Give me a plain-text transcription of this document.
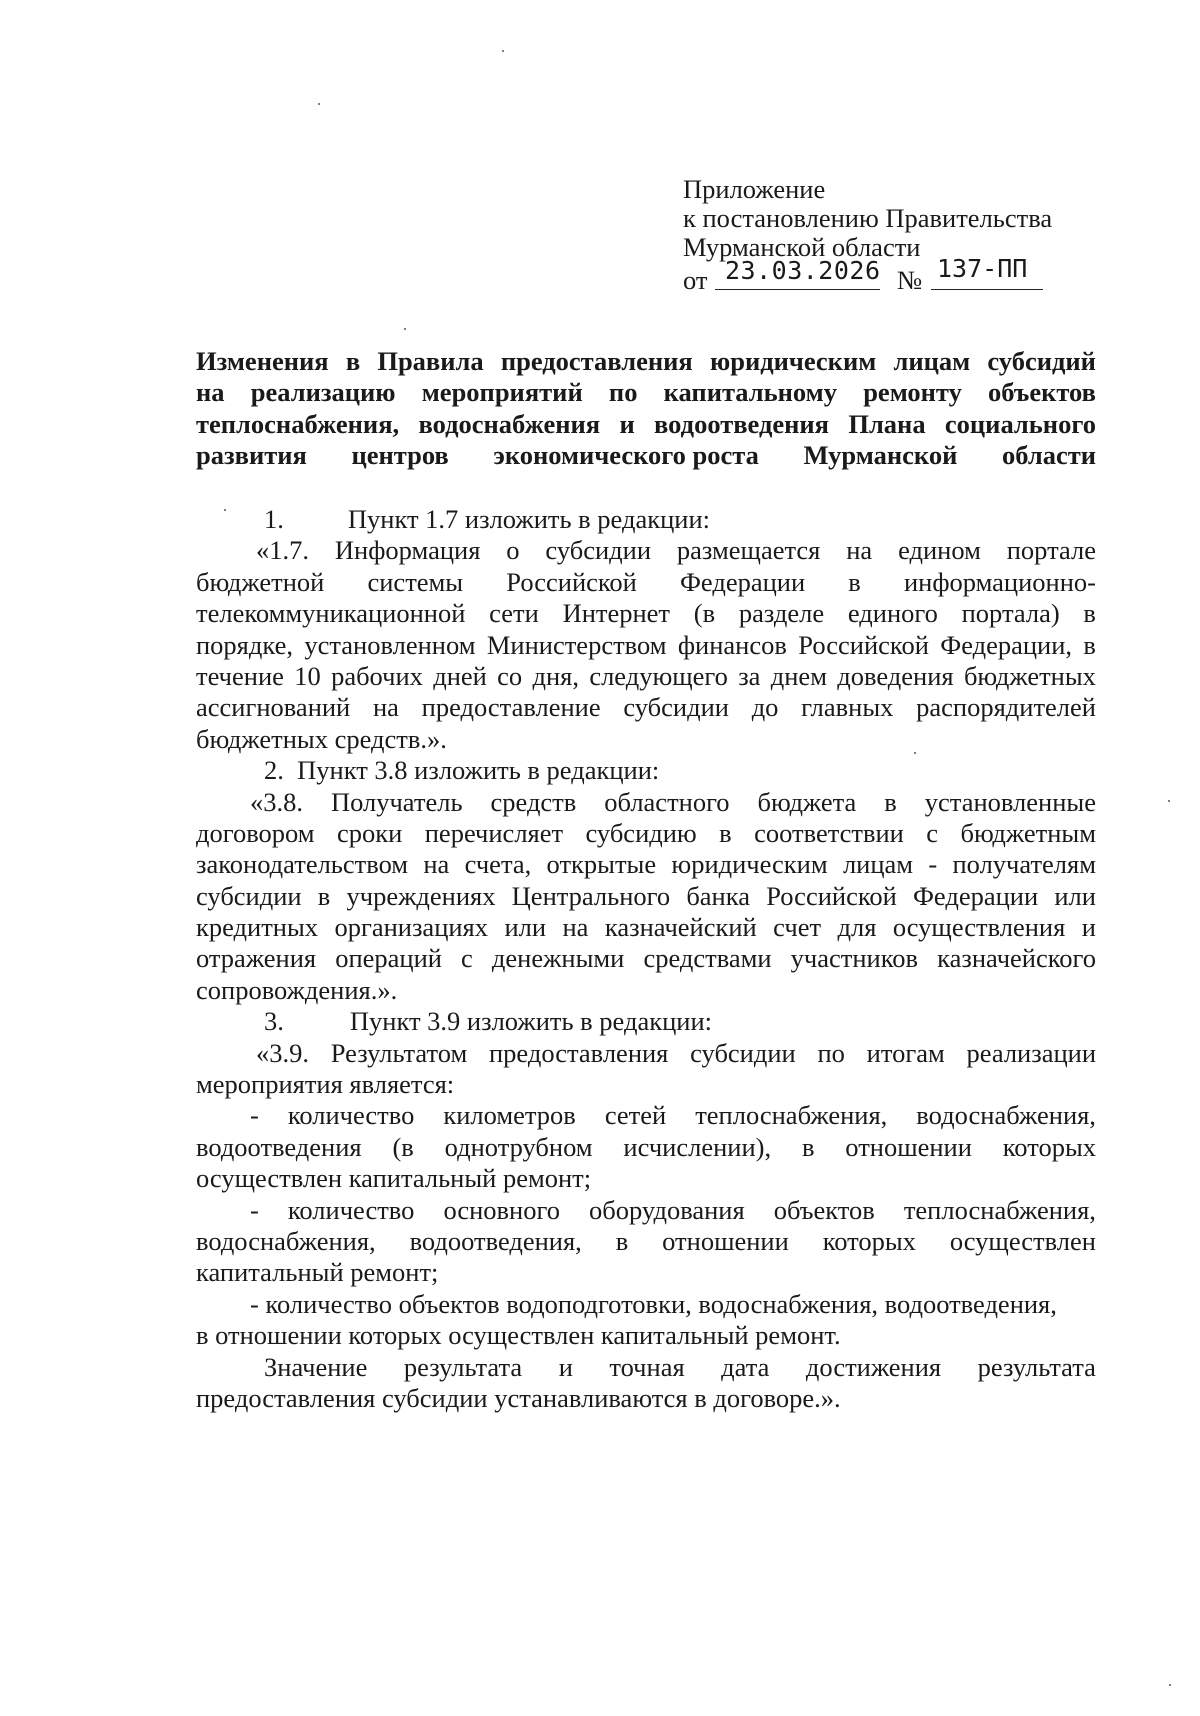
Приложение
к постановлению Правительства
Мурманской области
от 23.03.2026 № 137-ПП
Изменения в Правила предоставления юридическим лицам субсидий
на реализацию мероприятий по капитальному ремонту объектов
теплоснабжения, водоснабжения и водоотведения Плана социального
развития центров экономического роста Мурманской области
1. Пункт 1.7 изложить в редакции:
«1.7. Информация о субсидии размещается на едином портале
бюджетной системы Российской Федерации в информационно-
телекоммуникационной сети Интернет (в разделе единого портала) в
порядке, установленном Министерством финансов Российской Федерации, в
течение 10 рабочих дней со дня, следующего за днем доведения бюджетных
ассигнований на предоставление субсидии до главных распорядителей
бюджетных средств.».
2.  Пункт 3.8 изложить в редакции:
«3.8. Получатель средств областного бюджета в установленные
договором сроки перечисляет субсидию в соответствии с бюджетным
законодательством на счета, открытые юридическим лицам - получателям
субсидии в учреждениях Центрального банка Российской Федерации или
кредитных организациях или на казначейский счет для осуществления и
отражения операций с денежными средствами участников казначейского
сопровождения.».
3. Пункт 3.9 изложить в редакции:
«3.9. Результатом предоставления субсидии по итогам реализации
мероприятия является:
- количество километров сетей теплоснабжения, водоснабжения,
водоотведения (в однотрубном исчислении), в отношении которых
осуществлен капитальный ремонт;
- количество основного оборудования объектов теплоснабжения,
водоснабжения, водоотведения, в отношении которых осуществлен
капитальный ремонт;
- количество объектов водоподготовки, водоснабжения, водоотведения,
в отношении которых осуществлен капитальный ремонт.
Значение результата и точная дата достижения результата
предоставления субсидии устанавливаются в договоре.».
